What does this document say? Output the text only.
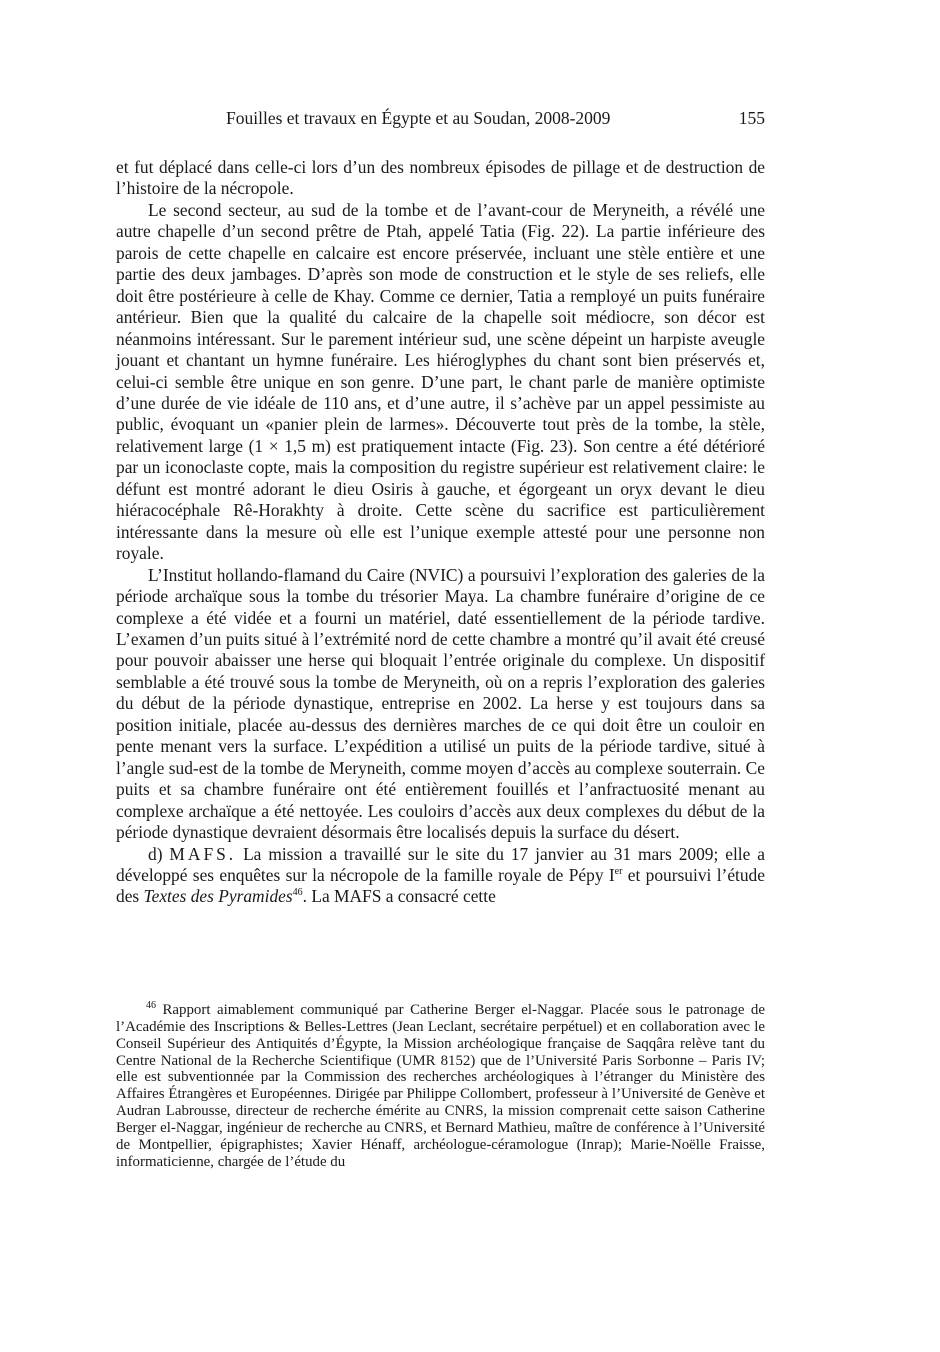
Fouilles et travaux en Égypte et au Soudan, 2008-2009	155

et fut déplacé dans celle-ci lors d’un des nombreux épisodes de pillage et de destruction de l’histoire de la nécropole.

Le second secteur, au sud de la tombe et de l’avant-cour de Meryneith, a révélé une autre chapelle d’un second prêtre de Ptah, appelé Tatia (Fig. 22). La partie inférieure des parois de cette chapelle en calcaire est encore préservée, incluant une stèle entière et une partie des deux jambages. D’après son mode de construction et le style de ses reliefs, elle doit être postérieure à celle de Khay. Comme ce dernier, Tatia a remployé un puits funéraire antérieur. Bien que la qualité du calcaire de la chapelle soit médiocre, son décor est néanmoins intéressant. Sur le parement intérieur sud, une scène dépeint un harpiste aveugle jouant et chantant un hymne funéraire. Les hiéroglyphes du chant sont bien préservés et, celui-ci semble être unique en son genre. D’une part, le chant parle de manière optimiste d’une durée de vie idéale de 110 ans, et d’une autre, il s’achève par un appel pessimiste au public, évoquant un «panier plein de larmes». Découverte tout près de la tombe, la stèle, relativement large (1 × 1,5 m) est pratiquement intacte (Fig. 23). Son centre a été détérioré par un iconoclaste copte, mais la composition du registre supérieur est relativement claire: le défunt est montré adorant le dieu Osiris à gauche, et égorgeant un oryx devant le dieu hiéracocéphale Rê-Horakhty à droite. Cette scène du sacrifice est particulièrement intéressante dans la mesure où elle est l’unique exemple attesté pour une personne non royale.

L’Institut hollando-flamand du Caire (NVIC) a poursuivi l’exploration des galeries de la période archaïque sous la tombe du trésorier Maya. La chambre funéraire d’origine de ce complexe a été vidée et a fourni un matériel, daté essentiellement de la période tardive. L’examen d’un puits situé à l’extrémité nord de cette chambre a montré qu’il avait été creusé pour pouvoir abaisser une herse qui bloquait l’entrée originale du complexe. Un dispositif semblable a été trouvé sous la tombe de Meryneith, où on a repris l’exploration des galeries du début de la période dynastique, entreprise en 2002. La herse y est toujours dans sa position initiale, placée au-dessus des dernières marches de ce qui doit être un couloir en pente menant vers la surface. L’expédition a utilisé un puits de la période tardive, situé à l’angle sud-est de la tombe de Meryneith, comme moyen d’accès au complexe souterrain. Ce puits et sa chambre funéraire ont été entièrement fouillés et l’anfractuosité menant au complexe archaïque a été nettoyée. Les couloirs d’accès aux deux complexes du début de la période dynastique devraient désormais être localisés depuis la surface du désert.

d) MAFS. La mission a travaillé sur le site du 17 janvier au 31 mars 2009; elle a développé ses enquêtes sur la nécropole de la famille royale de Pépy Ier et poursuivi l’étude des Textes des Pyramides$^{46}$. La MAFS a consacré cette

$^{46}$ Rapport aimablement communiqué par Catherine Berger el-Naggar. Placée sous le patronage de l’Académie des Inscriptions & Belles-Lettres (Jean Leclant, secrétaire perpétuel) et en collaboration avec le Conseil Supérieur des Antiquités d’Égypte, la Mission archéologique française de Saqqâra relève tant du Centre National de la Recherche Scientifique (UMR 8152) que de l’Université Paris Sorbonne – Paris IV; elle est subventionnée par la Commission des recherches archéologiques à l’étranger du Ministère des Affaires Étrangères et Européennes. Dirigée par Philippe Collombert, professeur à l’Université de Genève et Audran Labrousse, directeur de recherche émérite au CNRS, la mission comprenait cette saison Catherine Berger el-Naggar, ingénieur de recherche au CNRS, et Bernard Mathieu, maître de conférence à l’Université de Montpellier, épigraphistes; Xavier Hénaff, archéologue-céramologue (Inrap); Marie-Noëlle Fraisse, informaticienne, chargée de l’étude du
